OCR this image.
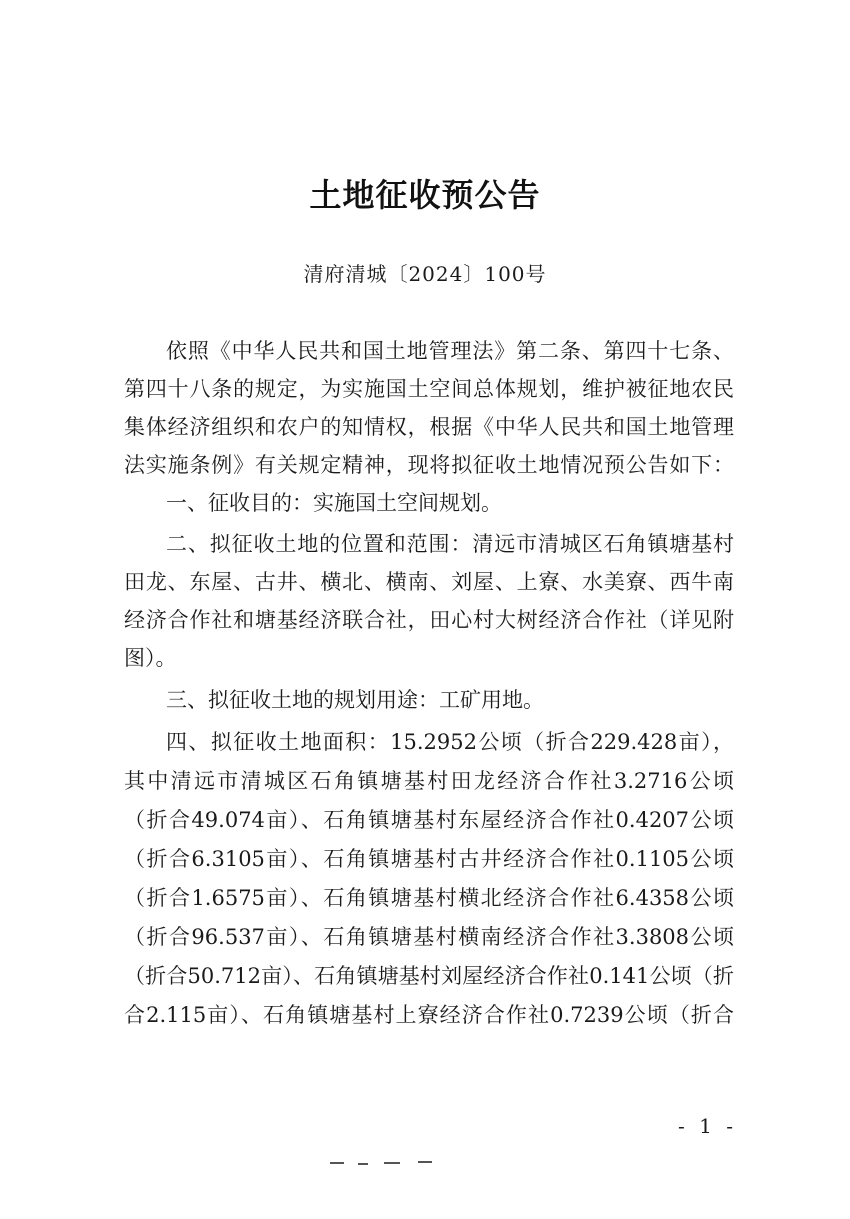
土地征收预公告
清府清城〔2024〕100号
依照《中华人民共和国土地管理法》第二条、第四十七条、
第四十八条的规定，为实施国土空间总体规划，维护被征地农民
集体经济组织和农户的知情权，根据《中华人民共和国土地管理
法实施条例》有关规定精神，现将拟征收土地情况预公告如下：
一、征收目的：实施国土空间规划。
二、拟征收土地的位置和范围：清远市清城区石角镇塘基村
田龙、东屋、古井、横北、横南、刘屋、上寮、水美寮、西牛南
经济合作社和塘基经济联合社，田心村大树经济合作社（详见附
图）。
三、拟征收土地的规划用途：工矿用地。
四、拟征收土地面积：15.2952公顷（折合229.428亩），
其中清远市清城区石角镇塘基村田龙经济合作社3.2716公顷
（折合49.074亩）、石角镇塘基村东屋经济合作社0.4207公顷
（折合6.3105亩）、石角镇塘基村古井经济合作社0.1105公顷
（折合1.6575亩）、石角镇塘基村横北经济合作社6.4358公顷
（折合96.537亩）、石角镇塘基村横南经济合作社3.3808公顷
（折合50.712亩）、石角镇塘基村刘屋经济合作社0.141公顷（折
合2.115亩）、石角镇塘基村上寮经济合作社0.7239公顷（折合
- 1 -
